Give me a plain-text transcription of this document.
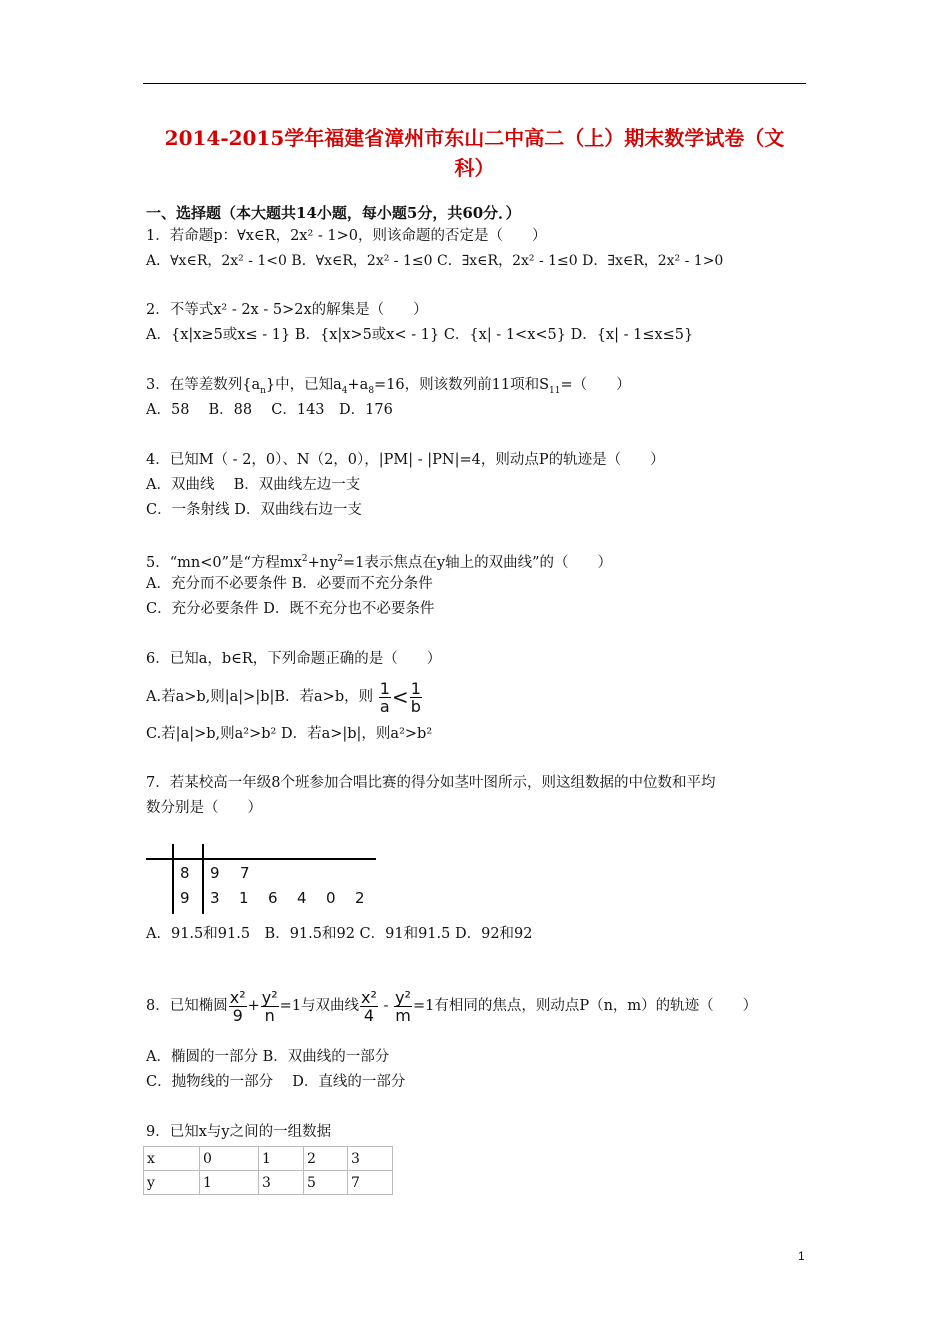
2014-2015学年福建省漳州市东山二中高二（上）期末数学试卷（文
科）
一、选择题（本大题共14小题，每小题5分，共60分．）
1．若命题p：∀x∈R，2x² - 1>0，则该命题的否定是（　　）
A．∀x∈R，2x² - 1<0 B．∀x∈R，2x² - 1≤0 C．∃x∈R，2x² - 1≤0 D．∃x∈R，2x² - 1>0
2．不等式x² - 2x - 5>2x的解集是（　　）
A．{x|x≥5或x≤ - 1} B．{x|x>5或x< - 1} C．{x| - 1<x<5} D．{x| - 1≤x≤5}
3．在等差数列$\{a_n\}$中，已知$a_4+a_8=16$，则该数列前11项和$S_{11}=$（　　）
A．58　 B．88　 C．143　D．176
4．已知M（ - 2，0）、N（2，0），|PM| - |PN|=4，则动点P的轨迹是（　　）
A．双曲线　 B．双曲线左边一支
C．一条射线 D．双曲线右边一支
5．“mn<0”是“方程$mx^2+ny^2=1$表示焦点在y轴上的双曲线”的（　　）
A．充分而不必要条件 B．必要而不充分条件
C．充分必要条件 D．既不充分也不必要条件
6．已知a，b∈R，下列命题正确的是（　　）
A.若a>b,则|a|>|b|B．若a>b，则 $\frac{1}{a} < \frac{1}{b}$
C.若|a|>b,则a²>b² D．若a>|b|，则a²>b²
7．若某校高一年级8个班参加合唱比赛的得分如茎叶图所示，则这组数据的中位数和平均
数分别是（　　）
8 9 7
9 3 1 6 4 0 2
A．91.5和91.5　B．91.5和92 C．91和91.5 D．92和92
8．已知椭圆 $\frac{\text{x²}}{9} + \frac{\text{y²}}{n} =1$与双曲线 $\frac{\text{x²}}{4} - \frac{\text{y²}}{m} =1$有相同的焦点，则动点P（n，m）的轨迹（　　）
A．椭圆的一部分 B．双曲线的一部分
C．抛物线的一部分　 D．直线的一部分
9．已知x与y之间的一组数据
x	0	1	2	3
y	1	3	5	7
1
